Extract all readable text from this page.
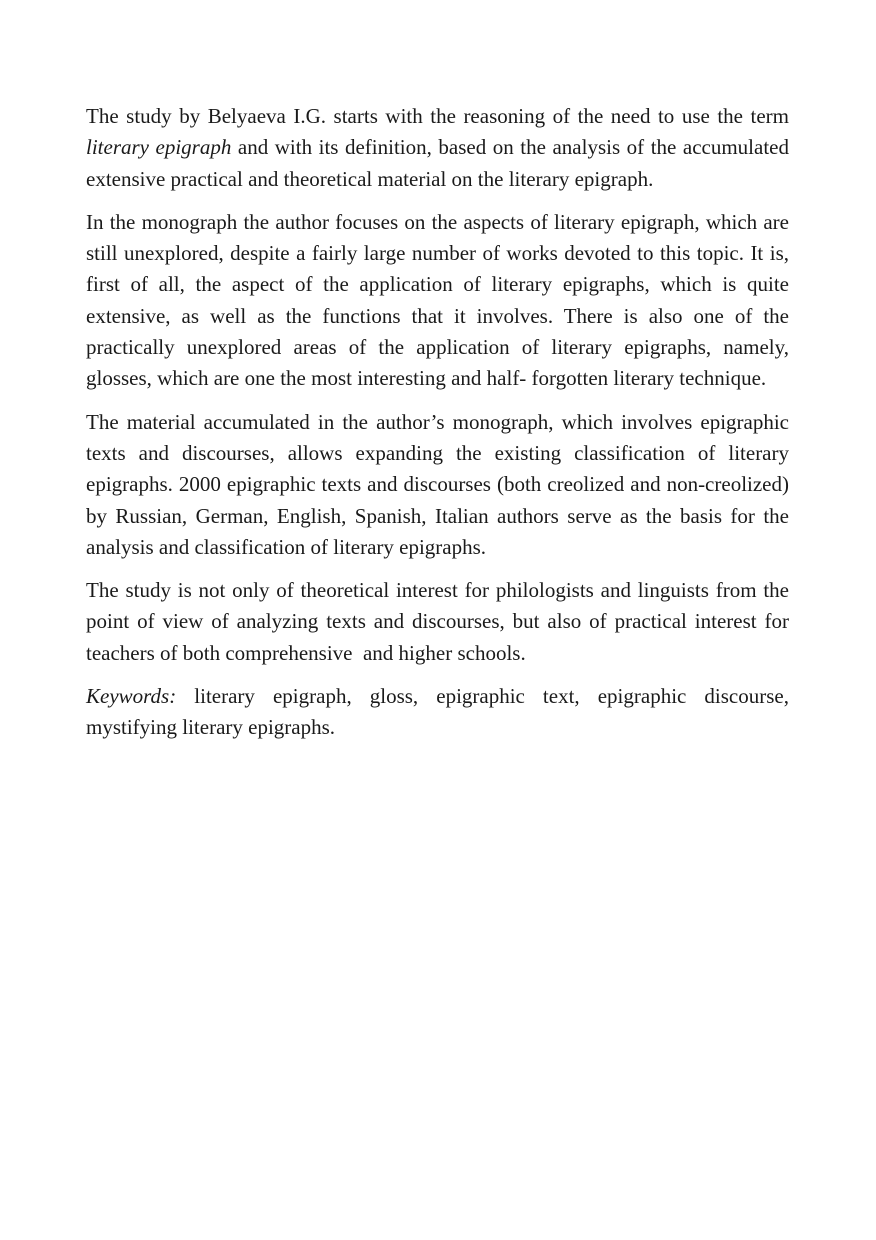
The study by Belyaeva I.G. starts with the reasoning of the need to use the term literary epigraph and with its definition, based on the analysis of the accumulated extensive practical and theoretical material on the literary epigraph.

In the monograph the author focuses on the aspects of literary epigraph, which are still unexplored, despite a fairly large number of works devoted to this topic. It is, first of all, the aspect of the application of literary epigraphs, which is quite extensive, as well as the functions that it involves. There is also one of the practically unexplored areas of the application of literary epigraphs, namely, glosses, which are one the most interesting and half- forgotten literary technique.

The material accumulated in the author’s monograph, which involves epigraphic texts and discourses, allows expanding the existing classification of literary epigraphs. 2000 epigraphic texts and discourses (both creolized and non-creolized) by Russian, German, English, Spanish, Italian authors serve as the basis for the analysis and classification of literary epigraphs.

The study is not only of theoretical interest for philologists and linguists from the point of view of analyzing texts and discourses, but also of practical interest for teachers of both comprehensive  and higher schools.

Keywords: literary epigraph, gloss, epigraphic text, epigraphic discourse, mystifying literary epigraphs.
